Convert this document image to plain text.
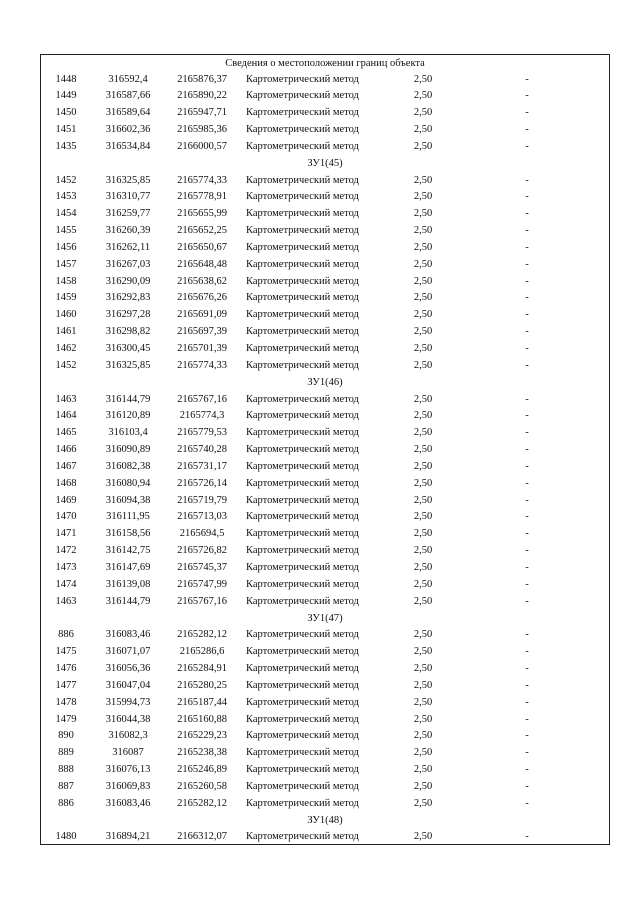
Сведения о местоположении границ объекта
1448	316592,4	2165876,37	Картометрический метод	2,50	-
1449	316587,66	2165890,22	Картометрический метод	2,50	-
1450	316589,64	2165947,71	Картометрический метод	2,50	-
1451	316602,36	2165985,36	Картометрический метод	2,50	-
1435	316534,84	2166000,57	Картометрический метод	2,50	-
ЗУ1(45)
1452	316325,85	2165774,33	Картометрический метод	2,50	-
1453	316310,77	2165778,91	Картометрический метод	2,50	-
1454	316259,77	2165655,99	Картометрический метод	2,50	-
1455	316260,39	2165652,25	Картометрический метод	2,50	-
1456	316262,11	2165650,67	Картометрический метод	2,50	-
1457	316267,03	2165648,48	Картометрический метод	2,50	-
1458	316290,09	2165638,62	Картометрический метод	2,50	-
1459	316292,83	2165676,26	Картометрический метод	2,50	-
1460	316297,28	2165691,09	Картометрический метод	2,50	-
1461	316298,82	2165697,39	Картометрический метод	2,50	-
1462	316300,45	2165701,39	Картометрический метод	2,50	-
1452	316325,85	2165774,33	Картометрический метод	2,50	-
ЗУ1(46)
1463	316144,79	2165767,16	Картометрический метод	2,50	-
1464	316120,89	2165774,3	Картометрический метод	2,50	-
1465	316103,4	2165779,53	Картометрический метод	2,50	-
1466	316090,89	2165740,28	Картометрический метод	2,50	-
1467	316082,38	2165731,17	Картометрический метод	2,50	-
1468	316080,94	2165726,14	Картометрический метод	2,50	-
1469	316094,38	2165719,79	Картометрический метод	2,50	-
1470	316111,95	2165713,03	Картометрический метод	2,50	-
1471	316158,56	2165694,5	Картометрический метод	2,50	-
1472	316142,75	2165726,82	Картометрический метод	2,50	-
1473	316147,69	2165745,37	Картометрический метод	2,50	-
1474	316139,08	2165747,99	Картометрический метод	2,50	-
1463	316144,79	2165767,16	Картометрический метод	2,50	-
ЗУ1(47)
886	316083,46	2165282,12	Картометрический метод	2,50	-
1475	316071,07	2165286,6	Картометрический метод	2,50	-
1476	316056,36	2165284,91	Картометрический метод	2,50	-
1477	316047,04	2165280,25	Картометрический метод	2,50	-
1478	315994,73	2165187,44	Картометрический метод	2,50	-
1479	316044,38	2165160,88	Картометрический метод	2,50	-
890	316082,3	2165229,23	Картометрический метод	2,50	-
889	316087	2165238,38	Картометрический метод	2,50	-
888	316076,13	2165246,89	Картометрический метод	2,50	-
887	316069,83	2165260,58	Картометрический метод	2,50	-
886	316083,46	2165282,12	Картометрический метод	2,50	-
ЗУ1(48)
1480	316894,21	2166312,07	Картометрический метод	2,50	-
